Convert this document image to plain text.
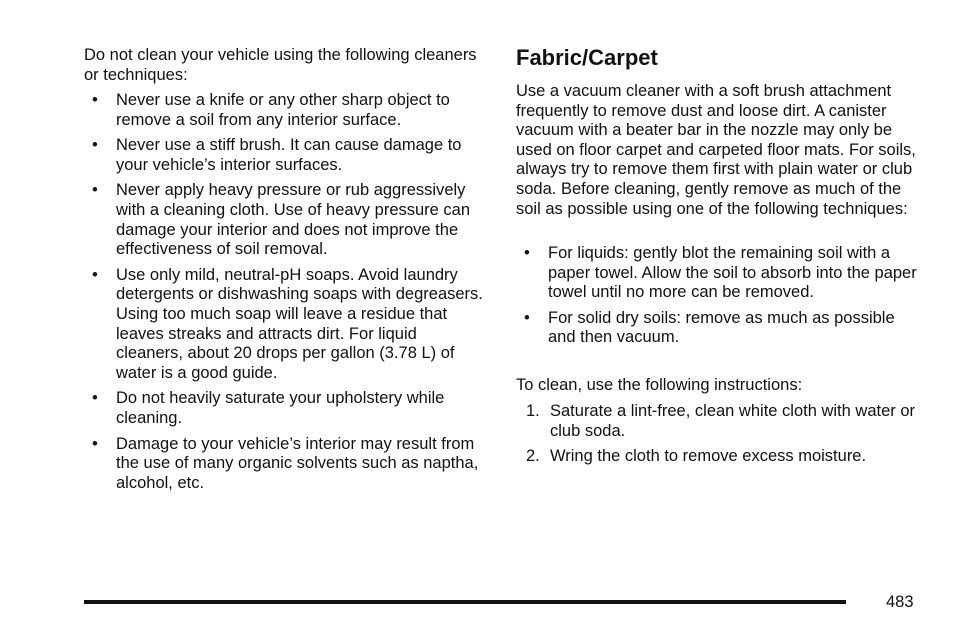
Do not clean your vehicle using the following cleaners or techniques:

• Never use a knife or any other sharp object to remove a soil from any interior surface.
• Never use a stiff brush. It can cause damage to your vehicle’s interior surfaces.
• Never apply heavy pressure or rub aggressively with a cleaning cloth. Use of heavy pressure can damage your interior and does not improve the effectiveness of soil removal.
• Use only mild, neutral-pH soaps. Avoid laundry detergents or dishwashing soaps with degreasers. Using too much soap will leave a residue that leaves streaks and attracts dirt. For liquid cleaners, about 20 drops per gallon (3.78 L) of water is a good guide.
• Do not heavily saturate your upholstery while cleaning.
• Damage to your vehicle’s interior may result from the use of many organic solvents such as naptha, alcohol, etc.
Fabric/Carpet

Use a vacuum cleaner with a soft brush attachment frequently to remove dust and loose dirt. A canister vacuum with a beater bar in the nozzle may only be used on floor carpet and carpeted floor mats. For soils, always try to remove them first with plain water or club soda. Before cleaning, gently remove as much of the soil as possible using one of the following techniques:

• For liquids: gently blot the remaining soil with a paper towel. Allow the soil to absorb into the paper towel until no more can be removed.
• For solid dry soils: remove as much as possible and then vacuum.

To clean, use the following instructions:

1. Saturate a lint-free, clean white cloth with water or club soda.
2. Wring the cloth to remove excess moisture.
483
